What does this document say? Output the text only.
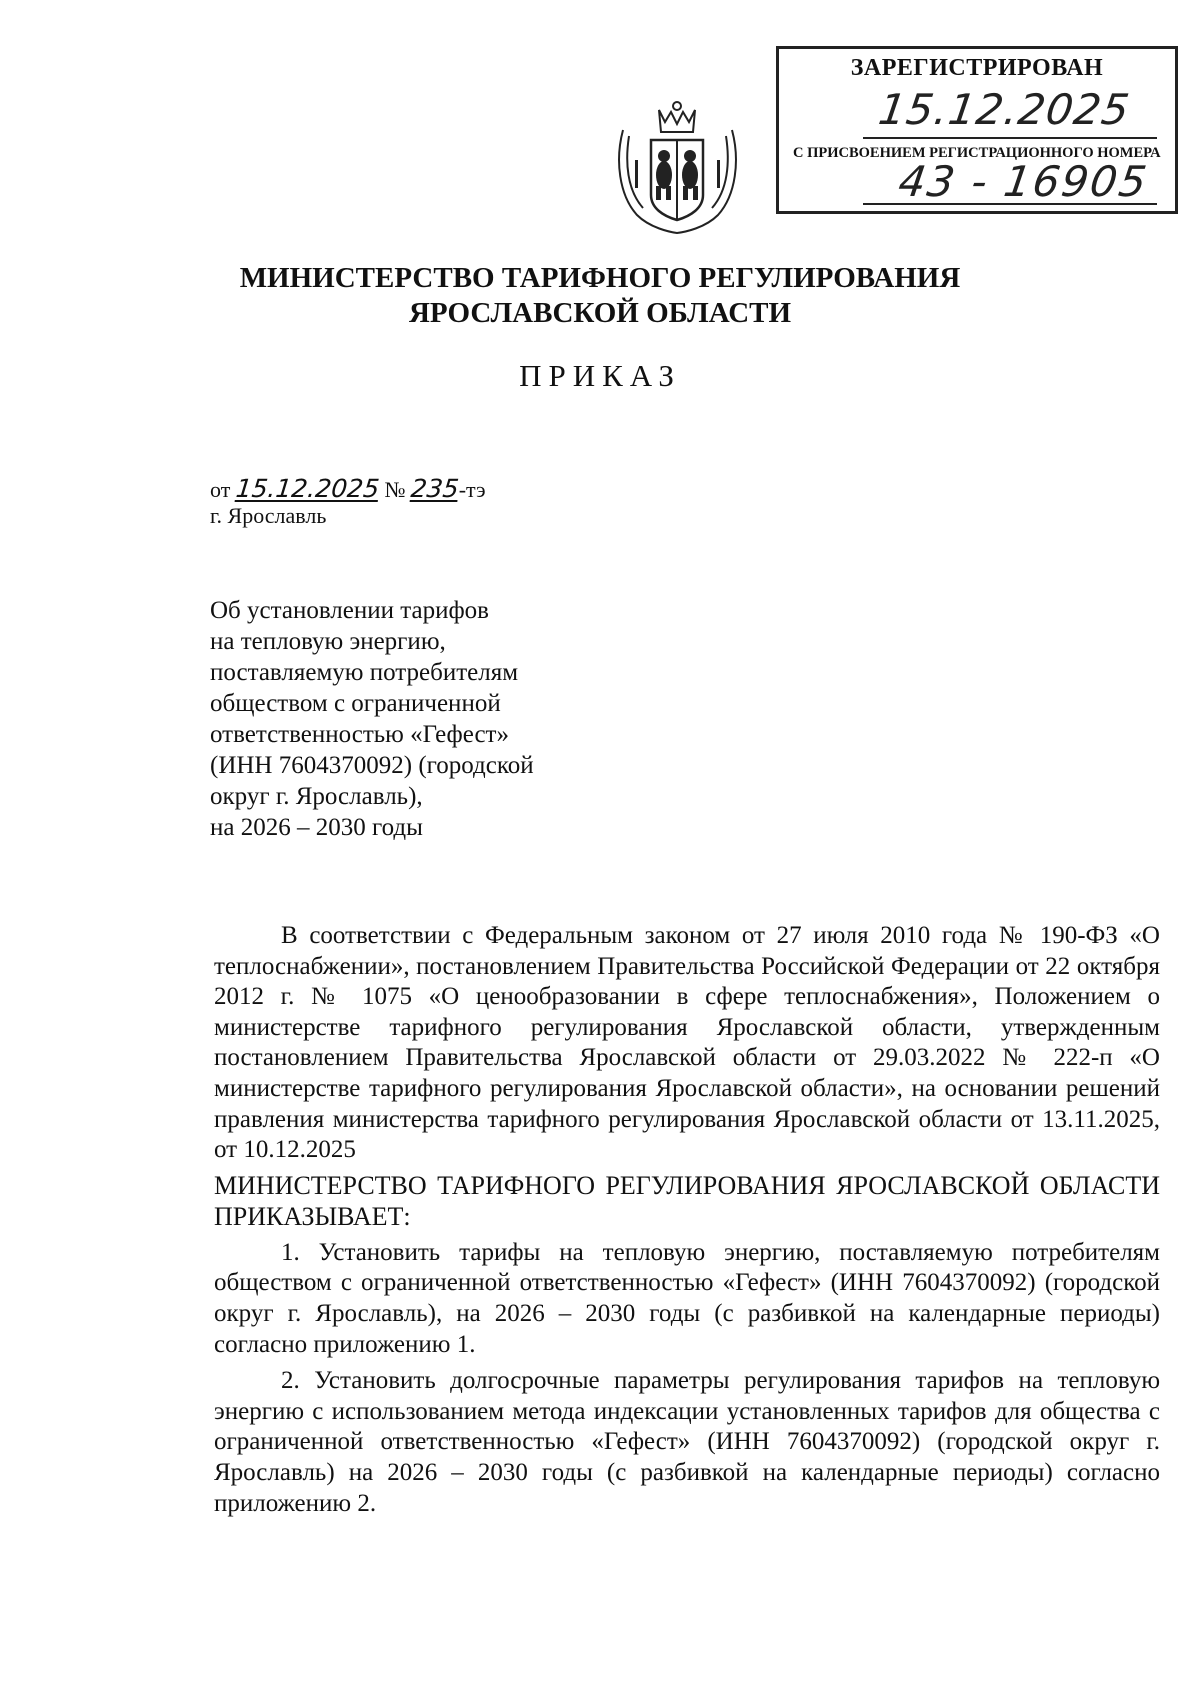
ЗАРЕГИСТРИРОВАН
15.12.2025
С ПРИСВОЕНИЕМ РЕГИСТРАЦИОННОГО НОМЕРА
43 - 16905
МИНИСТЕРСТВО ТАРИФНОГО РЕГУЛИРОВАНИЯ
ЯРОСЛАВСКОЙ ОБЛАСТИ
ПРИКАЗ
от 15.12.2025 № 235-тэ
г. Ярославль
Об установлении тарифов
на тепловую энергию,
поставляемую потребителям
обществом с ограниченной
ответственностью «Гефест»
(ИНН 7604370092) (городской
округ г. Ярославль),
на 2026 – 2030 годы

В соответствии с Федеральным законом от 27 июля 2010 года № 190-ФЗ «О теплоснабжении», постановлением Правительства Российской Федерации от 22 октября 2012 г. № 1075 «О ценообразовании в сфере теплоснабжения», Положением о министерстве тарифного регулирования Ярославской области, утвержденным постановлением Правительства Ярославской области от 29.03.2022 № 222-п «О министерстве тарифного регулирования Ярославской области», на основании решений правления министерства тарифного регулирования Ярославской области от 13.11.2025, от 10.12.2025

МИНИСТЕРСТВО ТАРИФНОГО РЕГУЛИРОВАНИЯ ЯРОСЛАВСКОЙ ОБЛАСТИ ПРИКАЗЫВАЕТ:

1. Установить тарифы на тепловую энергию, поставляемую потребителям обществом с ограниченной ответственностью «Гефест» (ИНН 7604370092) (городской округ г. Ярославль), на 2026 – 2030 годы (с разбивкой на календарные периоды) согласно приложению 1.

2. Установить долгосрочные параметры регулирования тарифов на тепловую энергию с использованием метода индексации установленных тарифов для общества с ограниченной ответственностью «Гефест» (ИНН 7604370092) (городской округ г. Ярославль) на 2026 – 2030 годы (с разбивкой на календарные периоды) согласно приложению 2.
